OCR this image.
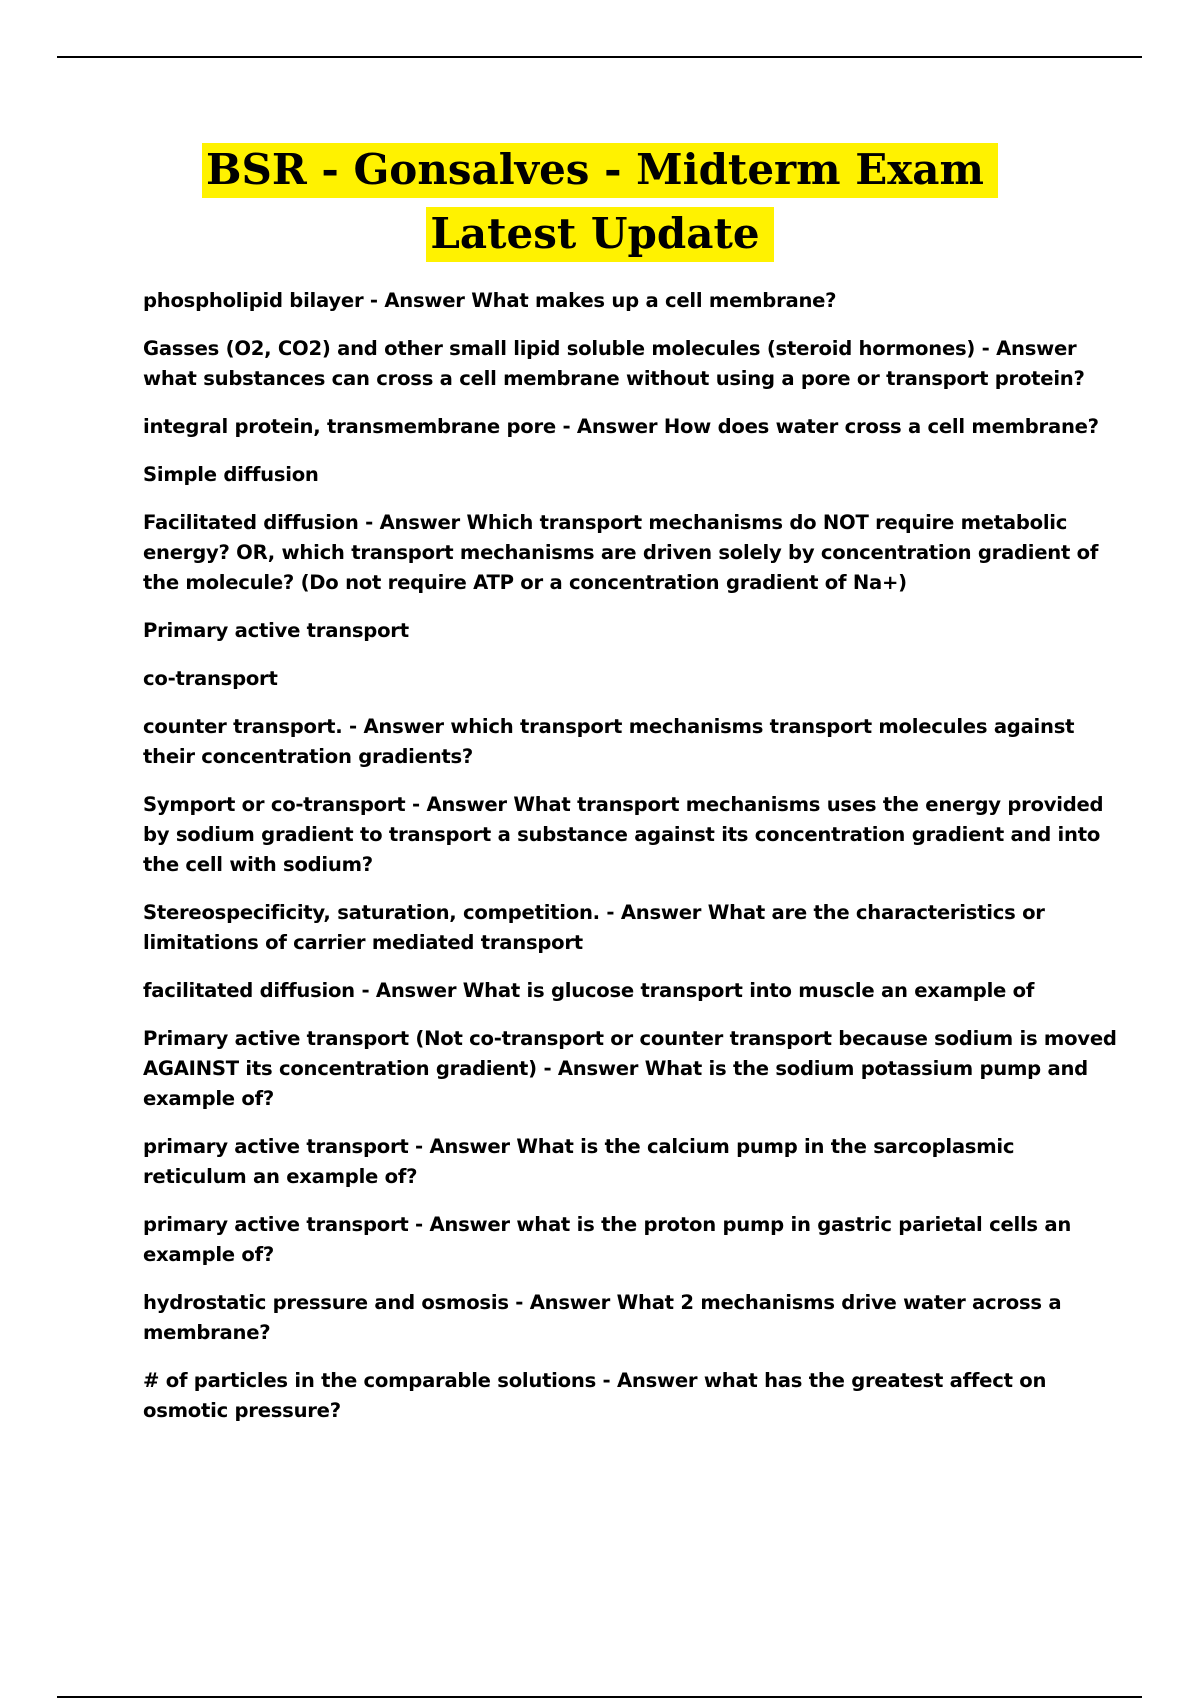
BSR - Gonsalves - Midterm Exam
Latest Update
phospholipid bilayer - Answer What makes up a cell membrane?
Gasses (O2, CO2) and other small lipid soluble molecules (steroid hormones) - Answer what substances can cross a cell membrane without using a pore or transport protein?
integral protein, transmembrane pore - Answer How does water cross a cell membrane?
Simple diffusion
Facilitated diffusion - Answer Which transport mechanisms do NOT require metabolic energy? OR, which transport mechanisms are driven solely by concentration gradient of the molecule? (Do not require ATP or a concentration gradient of Na+)
Primary active transport
co-transport
counter transport. - Answer which transport mechanisms transport molecules against their concentration gradients?
Symport or co-transport - Answer What transport mechanisms uses the energy provided by sodium gradient to transport a substance against its concentration gradient and into the cell with sodium?
Stereospecificity, saturation, competition. - Answer What are the characteristics or limitations of carrier mediated transport
facilitated diffusion - Answer What is glucose transport into muscle an example of
Primary active transport (Not co-transport or counter transport because sodium is moved AGAINST its concentration gradient) - Answer What is the sodium potassium pump and example of?
primary active transport - Answer What is the calcium pump in the sarcoplasmic reticulum an example of?
primary active transport - Answer what is the proton pump in gastric parietal cells an example of?
hydrostatic pressure and osmosis - Answer What 2 mechanisms drive water across a membrane?
# of particles in the comparable solutions - Answer what has the greatest affect on osmotic pressure?
